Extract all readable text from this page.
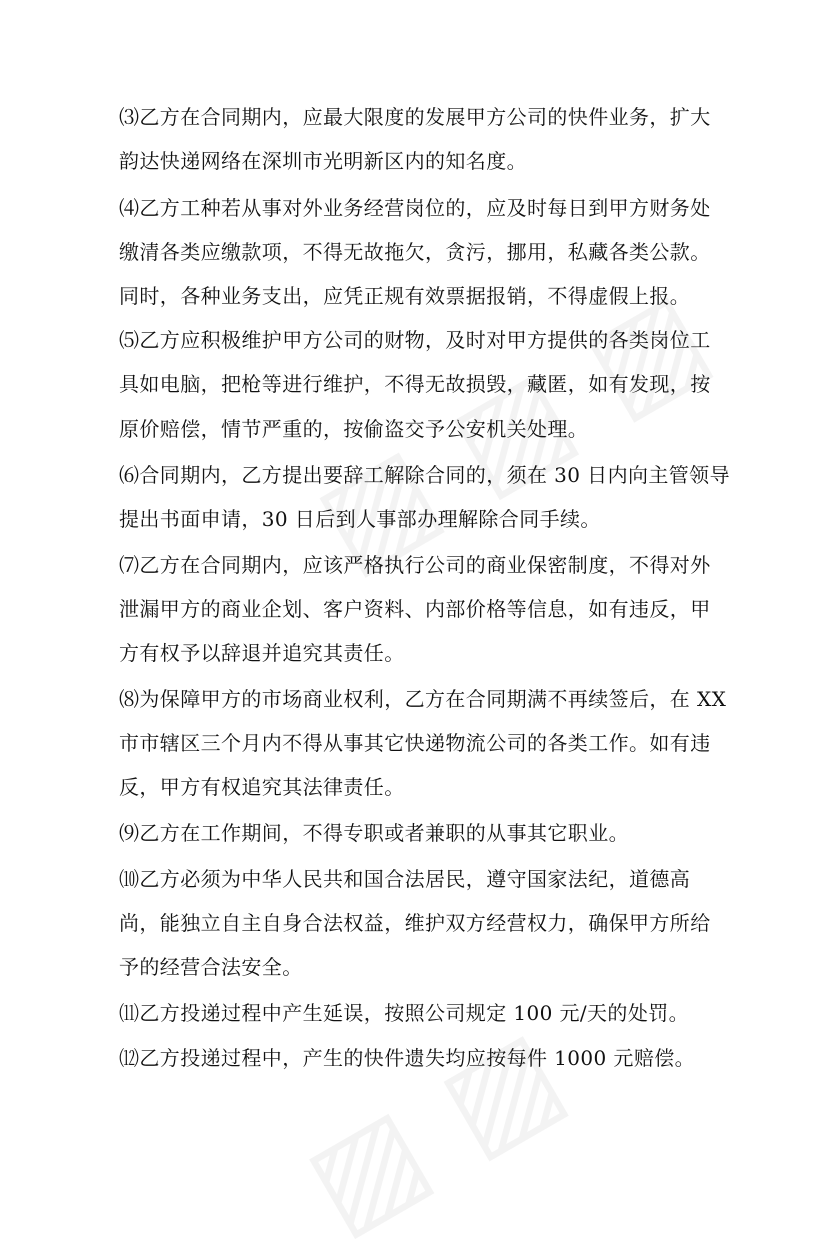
⑶乙方在合同期内，应最大限度的发展甲方公司的快件业务，扩大
韵达快递网络在深圳市光明新区内的知名度。
⑷乙方工种若从事对外业务经营岗位的，应及时每日到甲方财务处
缴清各类应缴款项，不得无故拖欠，贪污，挪用，私藏各类公款。
同时，各种业务支出，应凭正规有效票据报销，不得虚假上报。
⑸乙方应积极维护甲方公司的财物，及时对甲方提供的各类岗位工
具如电脑，把枪等进行维护，不得无故损毁，藏匿，如有发现，按
原价赔偿，情节严重的，按偷盗交予公安机关处理。
⑹合同期内，乙方提出要辞工解除合同的，须在 30 日内向主管领导
提出书面申请，30 日后到人事部办理解除合同手续。
⑺乙方在合同期内，应该严格执行公司的商业保密制度，不得对外
泄漏甲方的商业企划、客户资料、内部价格等信息，如有违反，甲
方有权予以辞退并追究其责任。
⑻为保障甲方的市场商业权利，乙方在合同期满不再续签后，在 XX
市市辖区三个月内不得从事其它快递物流公司的各类工作。如有违
反，甲方有权追究其法律责任。
⑼乙方在工作期间，不得专职或者兼职的从事其它职业。
⑽乙方必须为中华人民共和国合法居民，遵守国家法纪，道德高
尚，能独立自主自身合法权益，维护双方经营权力，确保甲方所给
予的经营合法安全。
⑾乙方投递过程中产生延误，按照公司规定 100 元/天的处罚。
⑿乙方投递过程中，产生的快件遗失均应按每件 1000 元赔偿。
